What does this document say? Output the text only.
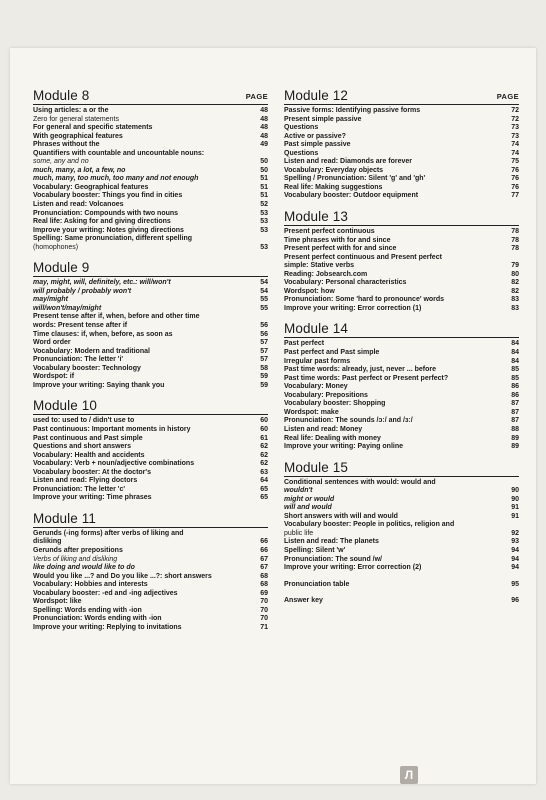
Module 8	PAGE
Using articles: a or the	48
Zero for general statements	48
For general and specific statements	48
With geographical features	48
Phrases without the	49
Quantifiers with countable and uncountable nouns:
some, any and no	50
much, many, a lot, a few, no	50
much, many, too much, too many and not enough	51
Vocabulary: Geographical features	51
Vocabulary booster: Things you find in cities	51
Listen and read: Volcanoes	52
Pronunciation: Compounds with two nouns	53
Real life: Asking for and giving directions	53
Improve your writing: Notes giving directions	53
Spelling: Same pronunciation, different spelling
(homophones)	53
Module 9
may, might, will, definitely, etc.: will/won't	54
will probably / probably won't	54
may/might	55
will/won't/may/might	55
Present tense after if, when, before and other time
words: Present tense after if	56
Time clauses: if, when, before, as soon as	56
Word order	57
Vocabulary: Modern and traditional	57
Pronunciation: The letter 'i'	57
Vocabulary booster: Technology	58
Wordspot: if	59
Improve your writing: Saying thank you	59
Module 10
used to: used to / didn't use to	60
Past continuous: Important moments in history	60
Past continuous and Past simple	61
Questions and short answers	62
Vocabulary: Health and accidents	62
Vocabulary: Verb + noun/adjective combinations	62
Vocabulary booster: At the doctor's	63
Listen and read: Flying doctors	64
Pronunciation: The letter 'c'	65
Improve your writing: Time phrases	65
Module 11
Gerunds (-ing forms) after verbs of liking and
disliking	66
Gerunds after prepositions	66
Verbs of liking and disliking	67
like doing and would like to do	67
Would you like ...? and Do you like ...?: short answers	68
Vocabulary: Hobbies and interests	68
Vocabulary booster: -ed and -ing adjectives	69
Wordspot: like	70
Spelling: Words ending with -ion	70
Pronunciation: Words ending with -ion	70
Improve your writing: Replying to invitations	71
Module 12	PAGE
Passive forms: Identifying passive forms	72
Present simple passive	72
Questions	73
Active or passive?	73
Past simple passive	74
Questions	74
Listen and read: Diamonds are forever	75
Vocabulary: Everyday objects	76
Spelling / Pronunciation: Silent 'g' and 'gh'	76
Real life: Making suggestions	76
Vocabulary booster: Outdoor equipment	77
Module 13
Present perfect continuous	78
Time phrases with for and since	78
Present perfect with for and since	78
Present perfect continuous and Present perfect
simple: Stative verbs	79
Reading: Jobsearch.com	80
Vocabulary: Personal characteristics	82
Wordspot: how	82
Pronunciation: Some 'hard to pronounce' words	83
Improve your writing: Error correction (1)	83
Module 14
Past perfect	84
Past perfect and Past simple	84
Irregular past forms	84
Past time words: already, just, never ... before	85
Past time words: Past perfect or Present perfect?	85
Vocabulary: Money	86
Vocabulary: Prepositions	86
Vocabulary booster: Shopping	87
Wordspot: make	87
Pronunciation: The sounds /ɔː/ and /ɜː/	87
Listen and read: Money	88
Real life: Dealing with money	89
Improve your writing: Paying online	89
Module 15
Conditional sentences with would: would and
wouldn't	90
might or would	90
will and would	91
Short answers with will and would	91
Vocabulary booster: People in politics, religion and
public life	92
Listen and read: The planets	93
Spelling: Silent 'w'	94
Pronunciation: The sound /w/	94
Improve your writing: Error correction (2)	94
Pronunciation table	95
Answer key	96
Л
